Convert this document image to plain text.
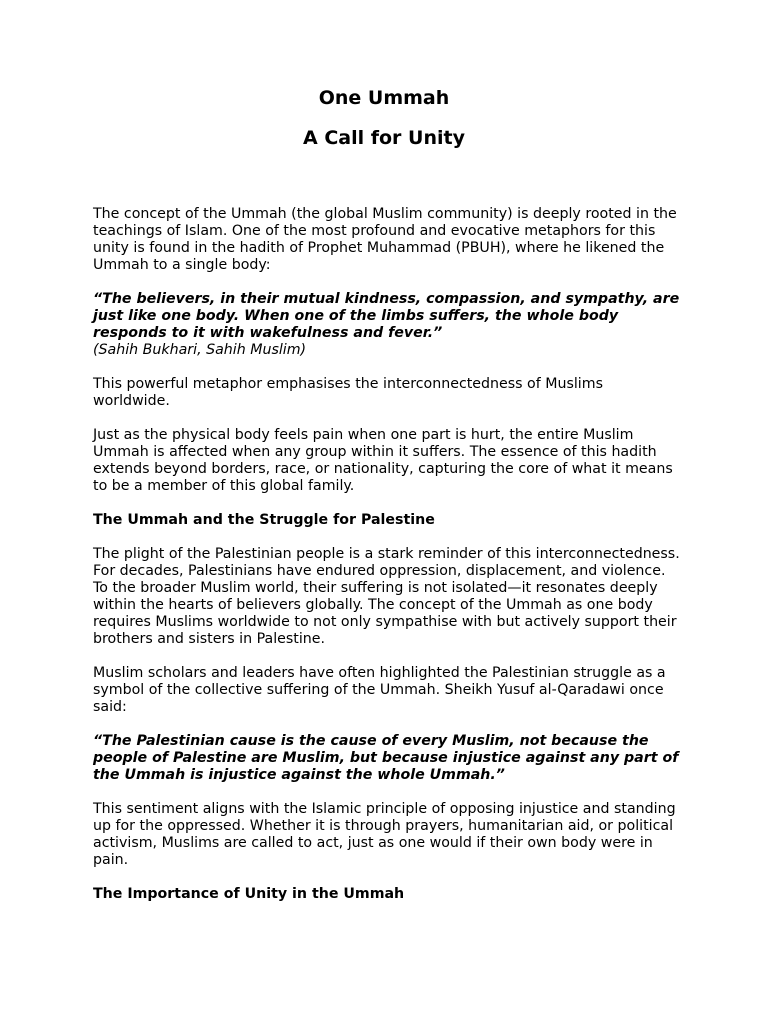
One Ummah
A Call for Unity

The concept of the Ummah (the global Muslim community) is deeply rooted in the teachings of Islam. One of the most profound and evocative metaphors for this unity is found in the hadith of Prophet Muhammad (PBUH), where he likened the Ummah to a single body:

“The believers, in their mutual kindness, compassion, and sympathy, are just like one body. When one of the limbs suffers, the whole body responds to it with wakefulness and fever.”
(Sahih Bukhari, Sahih Muslim)

This powerful metaphor emphasises the interconnectedness of Muslims worldwide.

Just as the physical body feels pain when one part is hurt, the entire Muslim Ummah is affected when any group within it suffers. The essence of this hadith extends beyond borders, race, or nationality, capturing the core of what it means to be a member of this global family.

The Ummah and the Struggle for Palestine

The plight of the Palestinian people is a stark reminder of this interconnectedness. For decades, Palestinians have endured oppression, displacement, and violence. To the broader Muslim world, their suffering is not isolated—it resonates deeply within the hearts of believers globally. The concept of the Ummah as one body requires Muslims worldwide to not only sympathise with but actively support their brothers and sisters in Palestine.

Muslim scholars and leaders have often highlighted the Palestinian struggle as a symbol of the collective suffering of the Ummah. Sheikh Yusuf al-Qaradawi once said:

“The Palestinian cause is the cause of every Muslim, not because the people of Palestine are Muslim, but because injustice against any part of the Ummah is injustice against the whole Ummah.”

This sentiment aligns with the Islamic principle of opposing injustice and standing up for the oppressed. Whether it is through prayers, humanitarian aid, or political activism, Muslims are called to act, just as one would if their own body were in pain.

The Importance of Unity in the Ummah
